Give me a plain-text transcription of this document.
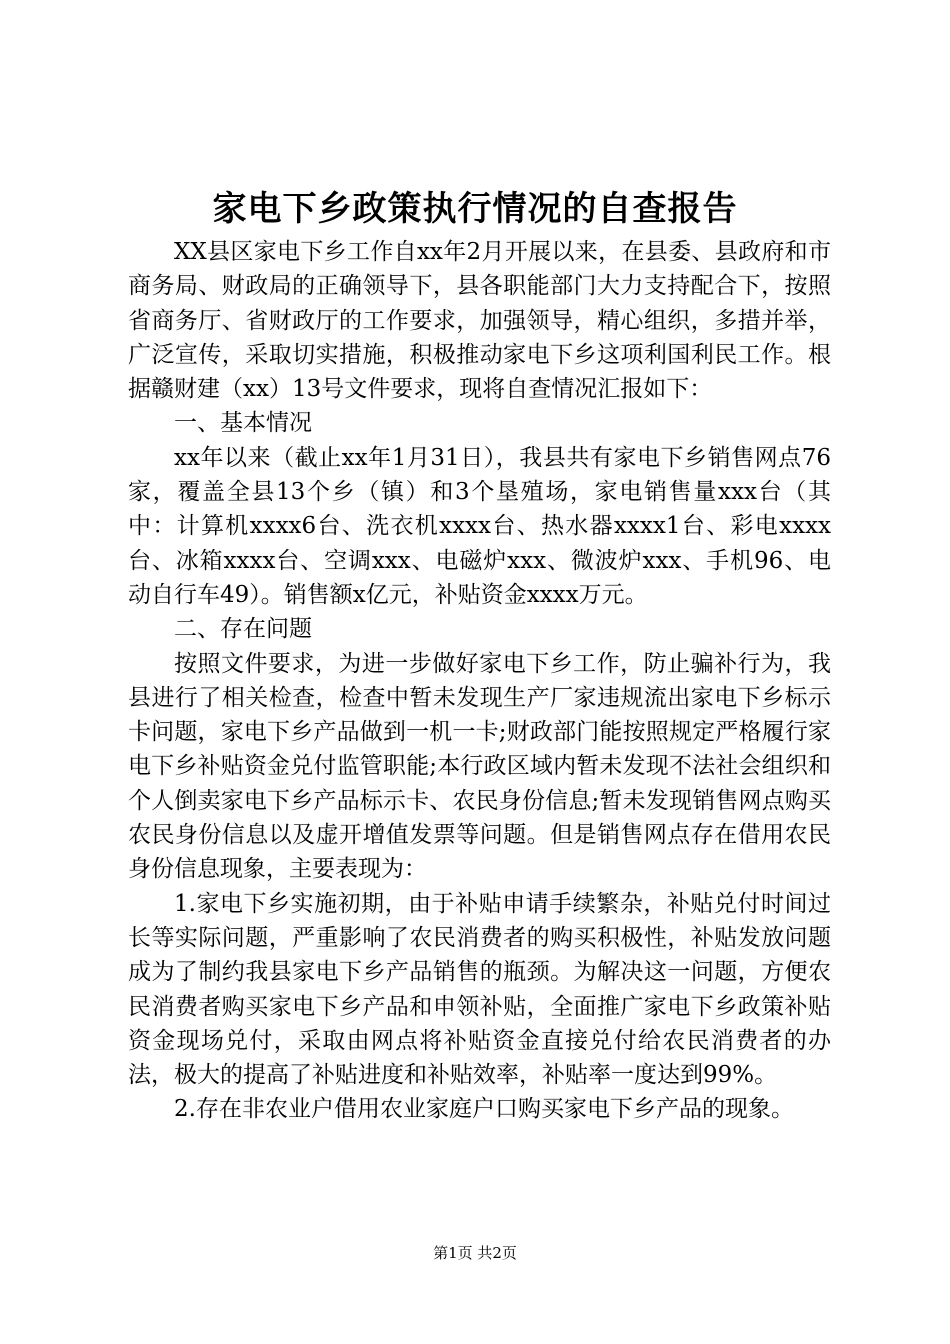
家电下乡政策执行情况的自查报告

XX县区家电下乡工作自xx年2月开展以来，在县委、县政府和市商务局、财政局的正确领导下，县各职能部门大力支持配合下，按照省商务厅、省财政厅的工作要求，加强领导，精心组织，多措并举，广泛宣传，采取切实措施，积极推动家电下乡这项利国利民工作。根据赣财建（xx）13号文件要求，现将自查情况汇报如下：

一、基本情况

xx年以来（截止xx年1月31日），我县共有家电下乡销售网点76家，覆盖全县13个乡（镇）和3个垦殖场，家电销售量xxx台（其中：计算机xxxx6台、洗衣机xxxx台、热水器xxxx1台、彩电xxxx台、冰箱xxxx台、空调xxx、电磁炉xxx、微波炉xxx、手机96、电动自行车49）。销售额x亿元，补贴资金xxxx万元。

二、存在问题

按照文件要求，为进一步做好家电下乡工作，防止骗补行为，我县进行了相关检查，检查中暂未发现生产厂家违规流出家电下乡标示卡问题，家电下乡产品做到一机一卡;财政部门能按照规定严格履行家电下乡补贴资金兑付监管职能;本行政区域内暂未发现不法社会组织和个人倒卖家电下乡产品标示卡、农民身份信息;暂未发现销售网点购买农民身份信息以及虚开增值发票等问题。但是销售网点存在借用农民身份信息现象，主要表现为：

1.家电下乡实施初期，由于补贴申请手续繁杂，补贴兑付时间过长等实际问题，严重影响了农民消费者的购买积极性，补贴发放问题成为了制约我县家电下乡产品销售的瓶颈。为解决这一问题，方便农民消费者购买家电下乡产品和申领补贴，全面推广家电下乡政策补贴资金现场兑付，采取由网点将补贴资金直接兑付给农民消费者的办法，极大的提高了补贴进度和补贴效率，补贴率一度达到99%。

2.存在非农业户借用农业家庭户口购买家电下乡产品的现象。

第1页 共2页
